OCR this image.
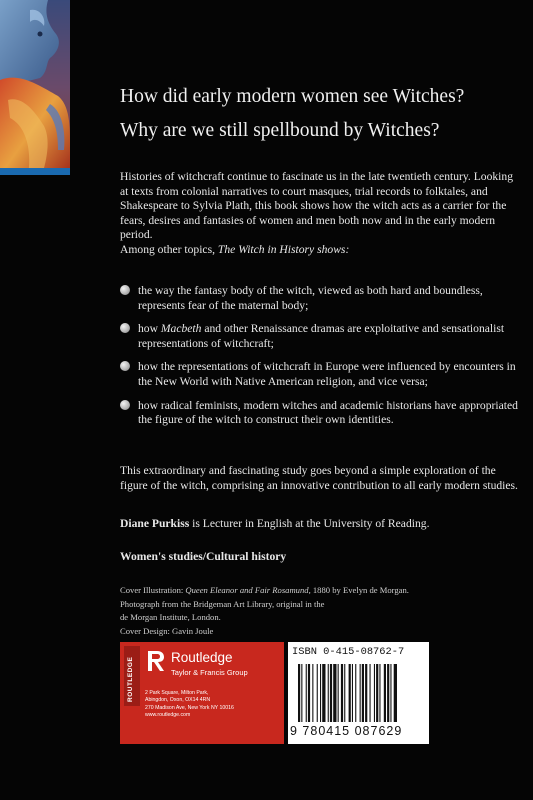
How did early modern women see Witches?
Why are we still spellbound by Witches?

Histories of witchcraft continue to fascinate us in the late twentieth century. Looking at texts from colonial narratives to court masques, trial records to folktales, and Shakespeare to Sylvia Plath, this book shows how the witch acts as a carrier for the fears, desires and fantasies of women and men both now and in the early modern period.

Among other topics, The Witch in History shows:

the way the fantasy body of the witch, viewed as both hard and boundless, represents fear of the maternal body;
how Macbeth and other Renaissance dramas are exploitative and sensationalist representations of witchcraft;
how the representations of witchcraft in Europe were influenced by encounters in the New World with Native American religion, and vice versa;
how radical feminists, modern witches and academic historians have appropriated the figure of the witch to construct their own identities.
This extraordinary and fascinating study goes beyond a simple exploration of the figure of the witch, comprising an innovative contribution to all early modern studies.
Diane Purkiss is Lecturer in English at the University of Reading.
Women's studies/Cultural history
Cover Illustration: Queen Eleanor and Fair Rosamund, 1880 by Evelyn de Morgan.
Photograph from the Bridgeman Art Library, original in the
de Morgan Institute, London.
Cover Design: Gavin Joule
ROUTLEDGE	Routledge
Taylor & Francis Group
2 Park Square, Milton Park,
Abingdon, Oxon, OX14 4RN
270 Madison Ave, New York NY 10016
www.routledge.com
ISBN 0-415-08762-7
9 780415 087629
